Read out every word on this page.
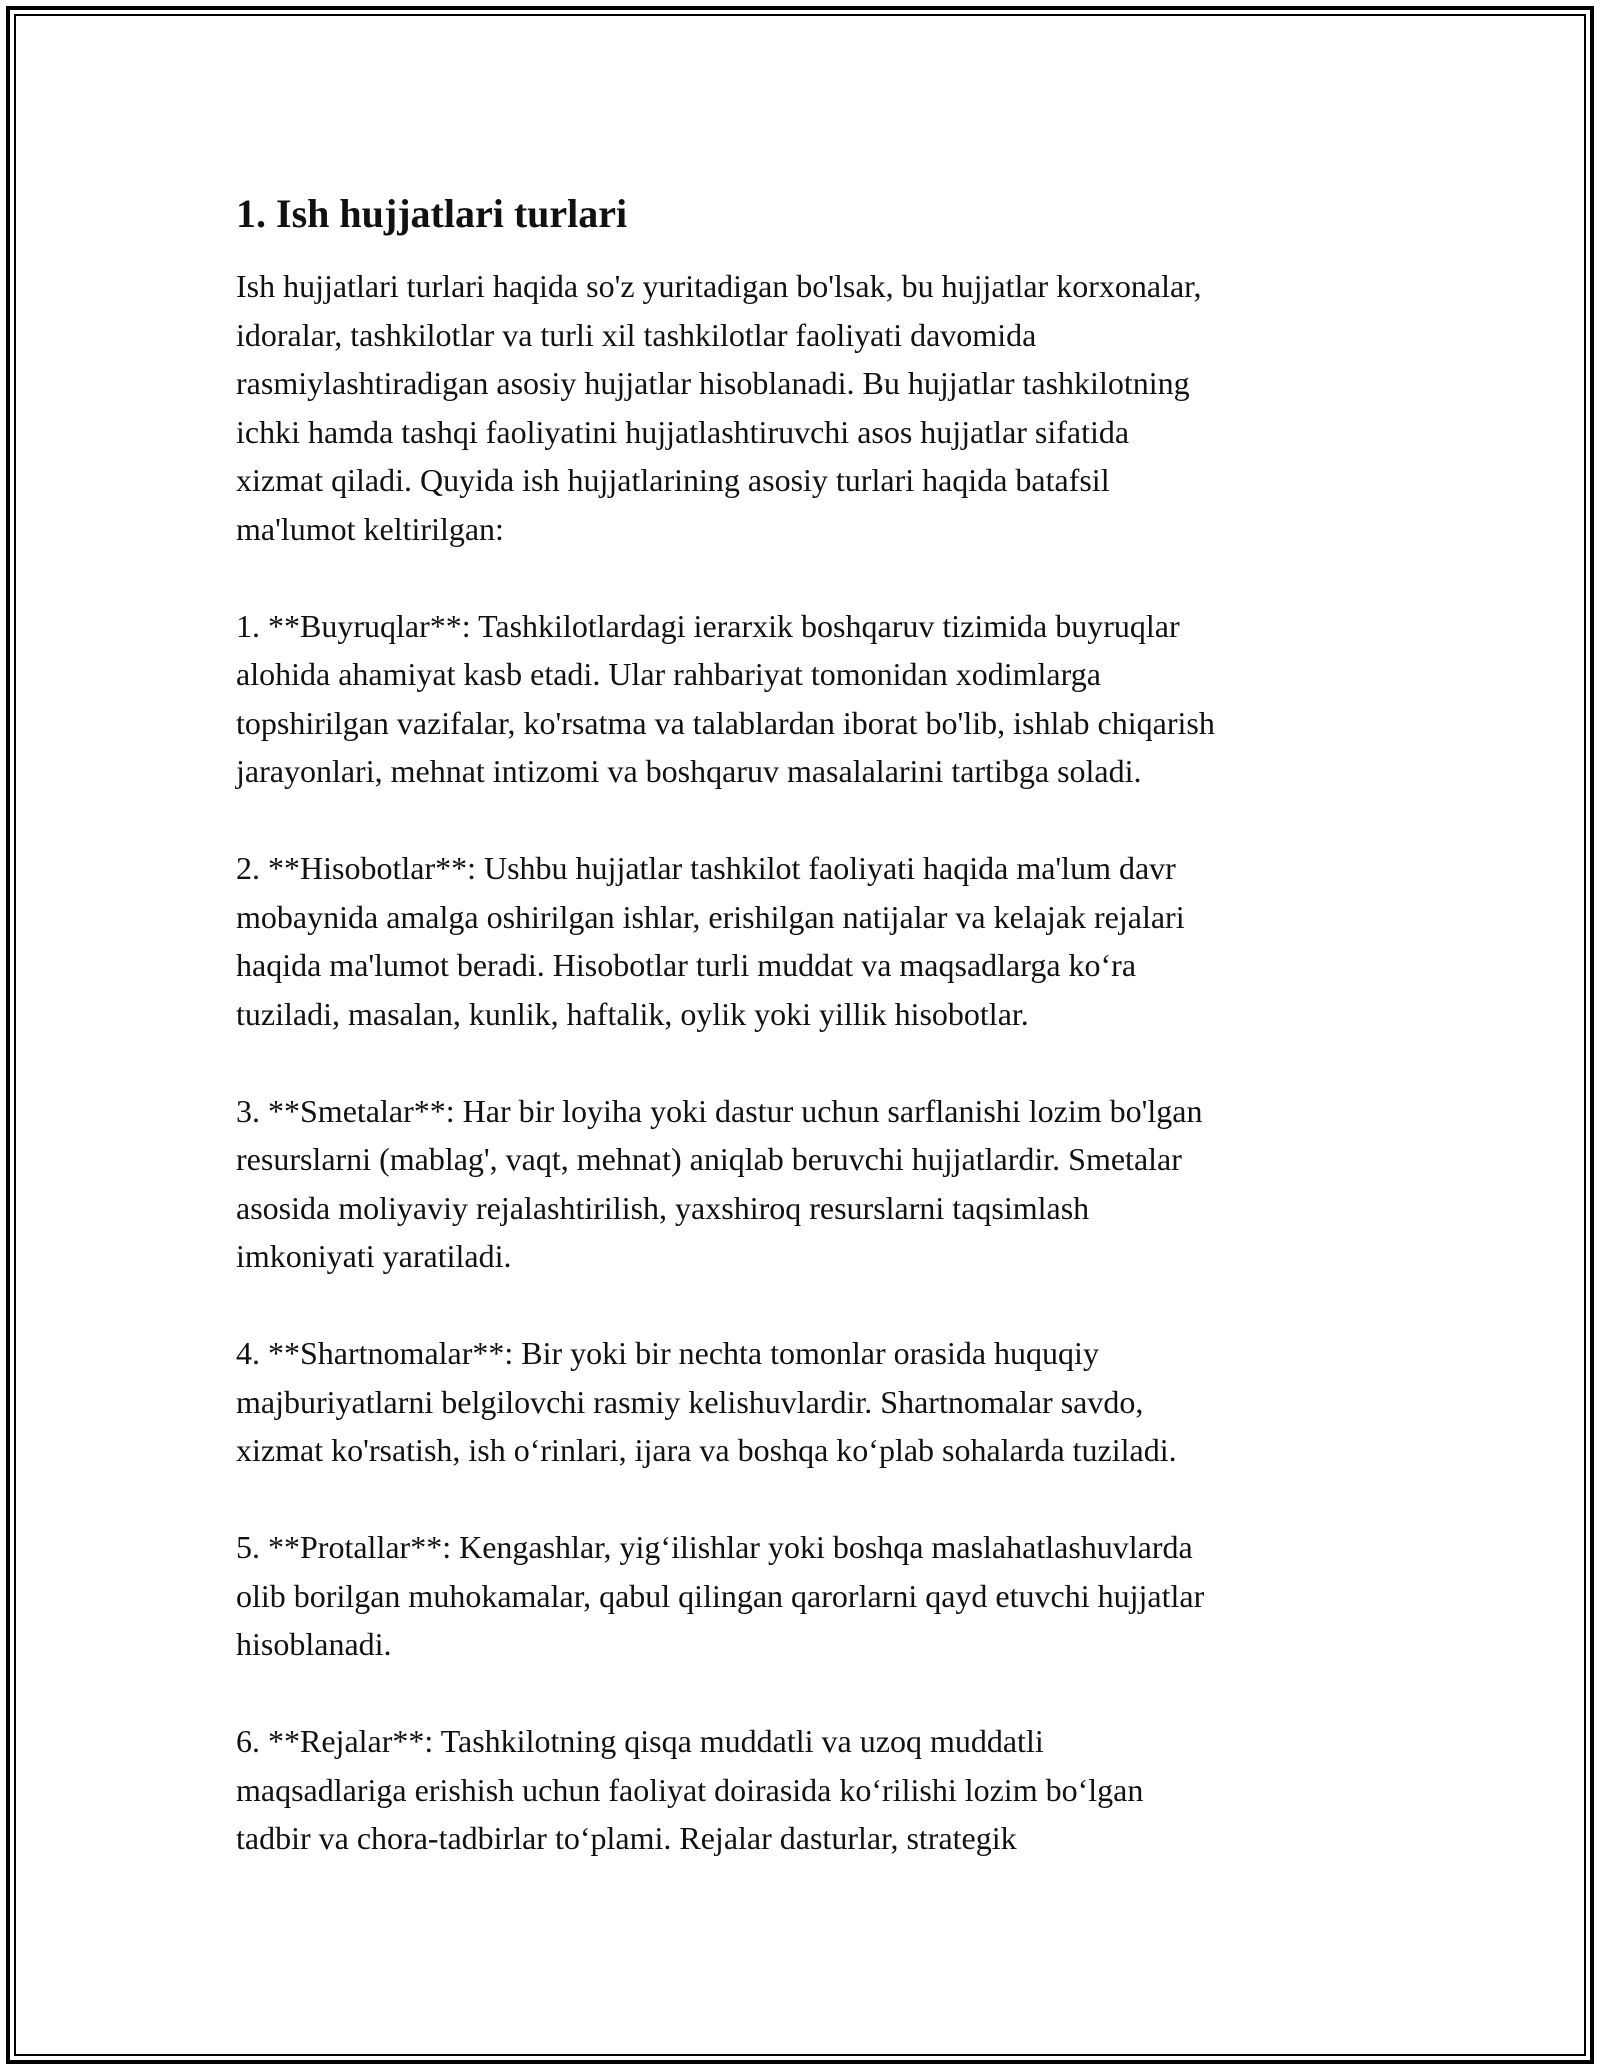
1. Ish hujjatlari turlari
Ish hujjatlari turlari haqida so'z yuritadigan bo'lsak, bu hujjatlar korxonalar,
idoralar, tashkilotlar va turli xil tashkilotlar faoliyati davomida
rasmiylashtiradigan asosiy hujjatlar hisoblanadi. Bu hujjatlar tashkilotning
ichki hamda tashqi faoliyatini hujjatlashtiruvchi asos hujjatlar sifatida
xizmat qiladi. Quyida ish hujjatlarining asosiy turlari haqida batafsil
ma'lumot keltirilgan:
1. **Buyruqlar**: Tashkilotlardagi ierarxik boshqaruv tizimida buyruqlar
alohida ahamiyat kasb etadi. Ular rahbariyat tomonidan xodimlarga
topshirilgan vazifalar, ko'rsatma va talablardan iborat bo'lib, ishlab chiqarish
jarayonlari, mehnat intizomi va boshqaruv masalalarini tartibga soladi.
2. **Hisobotlar**: Ushbu hujjatlar tashkilot faoliyati haqida ma'lum davr
mobaynida amalga oshirilgan ishlar, erishilgan natijalar va kelajak rejalari
haqida ma'lumot beradi. Hisobotlar turli muddat va maqsadlarga koʻra
tuziladi, masalan, kunlik, haftalik, oylik yoki yillik hisobotlar.
3. **Smetalar**: Har bir loyiha yoki dastur uchun sarflanishi lozim bo'lgan
resurslarni (mablag', vaqt, mehnat) aniqlab beruvchi hujjatlardir. Smetalar
asosida moliyaviy rejalashtirilish, yaxshiroq resurslarni taqsimlash
imkoniyati yaratiladi.
4. **Shartnomalar**: Bir yoki bir nechta tomonlar orasida huquqiy
majburiyatlarni belgilovchi rasmiy kelishuvlardir. Shartnomalar savdo,
xizmat ko'rsatish, ish oʻrinlari, ijara va boshqa koʻplab sohalarda tuziladi.
5. **Protallar**: Kengashlar, yigʻilishlar yoki boshqa maslahatlashuvlarda
olib borilgan muhokamalar, qabul qilingan qarorlarni qayd etuvchi hujjatlar
hisoblanadi.
6. **Rejalar**: Tashkilotning qisqa muddatli va uzoq muddatli
maqsadlariga erishish uchun faoliyat doirasida koʻrilishi lozim boʻlgan
tadbir va chora-tadbirlar toʻplami. Rejalar dasturlar, strategik
